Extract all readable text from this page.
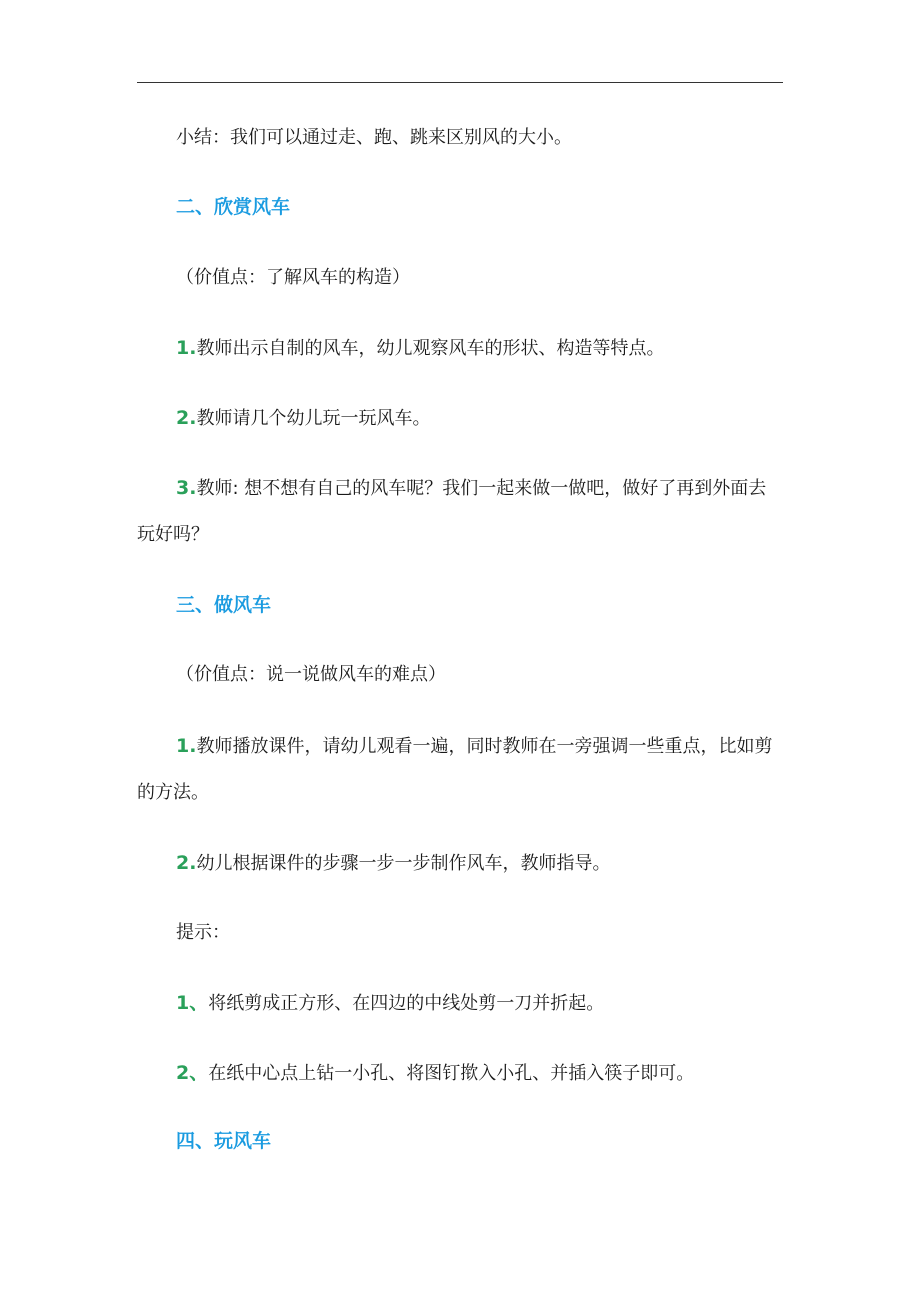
小结：我们可以通过走、跑、跳来区别风的大小。

二、欣赏风车

（价值点：了解风车的构造）

1.教师出示自制的风车，幼儿观察风车的形状、构造等特点。

2.教师请几个幼儿玩一玩风车。

3.教师: 想不想有自己的风车呢？我们一起来做一做吧，做好了再到外面去

玩好吗？

三、做风车

（价值点：说一说做风车的难点）

1.教师播放课件，请幼儿观看一遍，同时教师在一旁强调一些重点，比如剪

的方法。

2.幼儿根据课件的步骤一步一步制作风车，教师指导。

提示：

1、将纸剪成正方形、在四边的中线处剪一刀并折起。

2、在纸中心点上钻一小孔、将图钉揿入小孔、并插入筷子即可。

四、玩风车
